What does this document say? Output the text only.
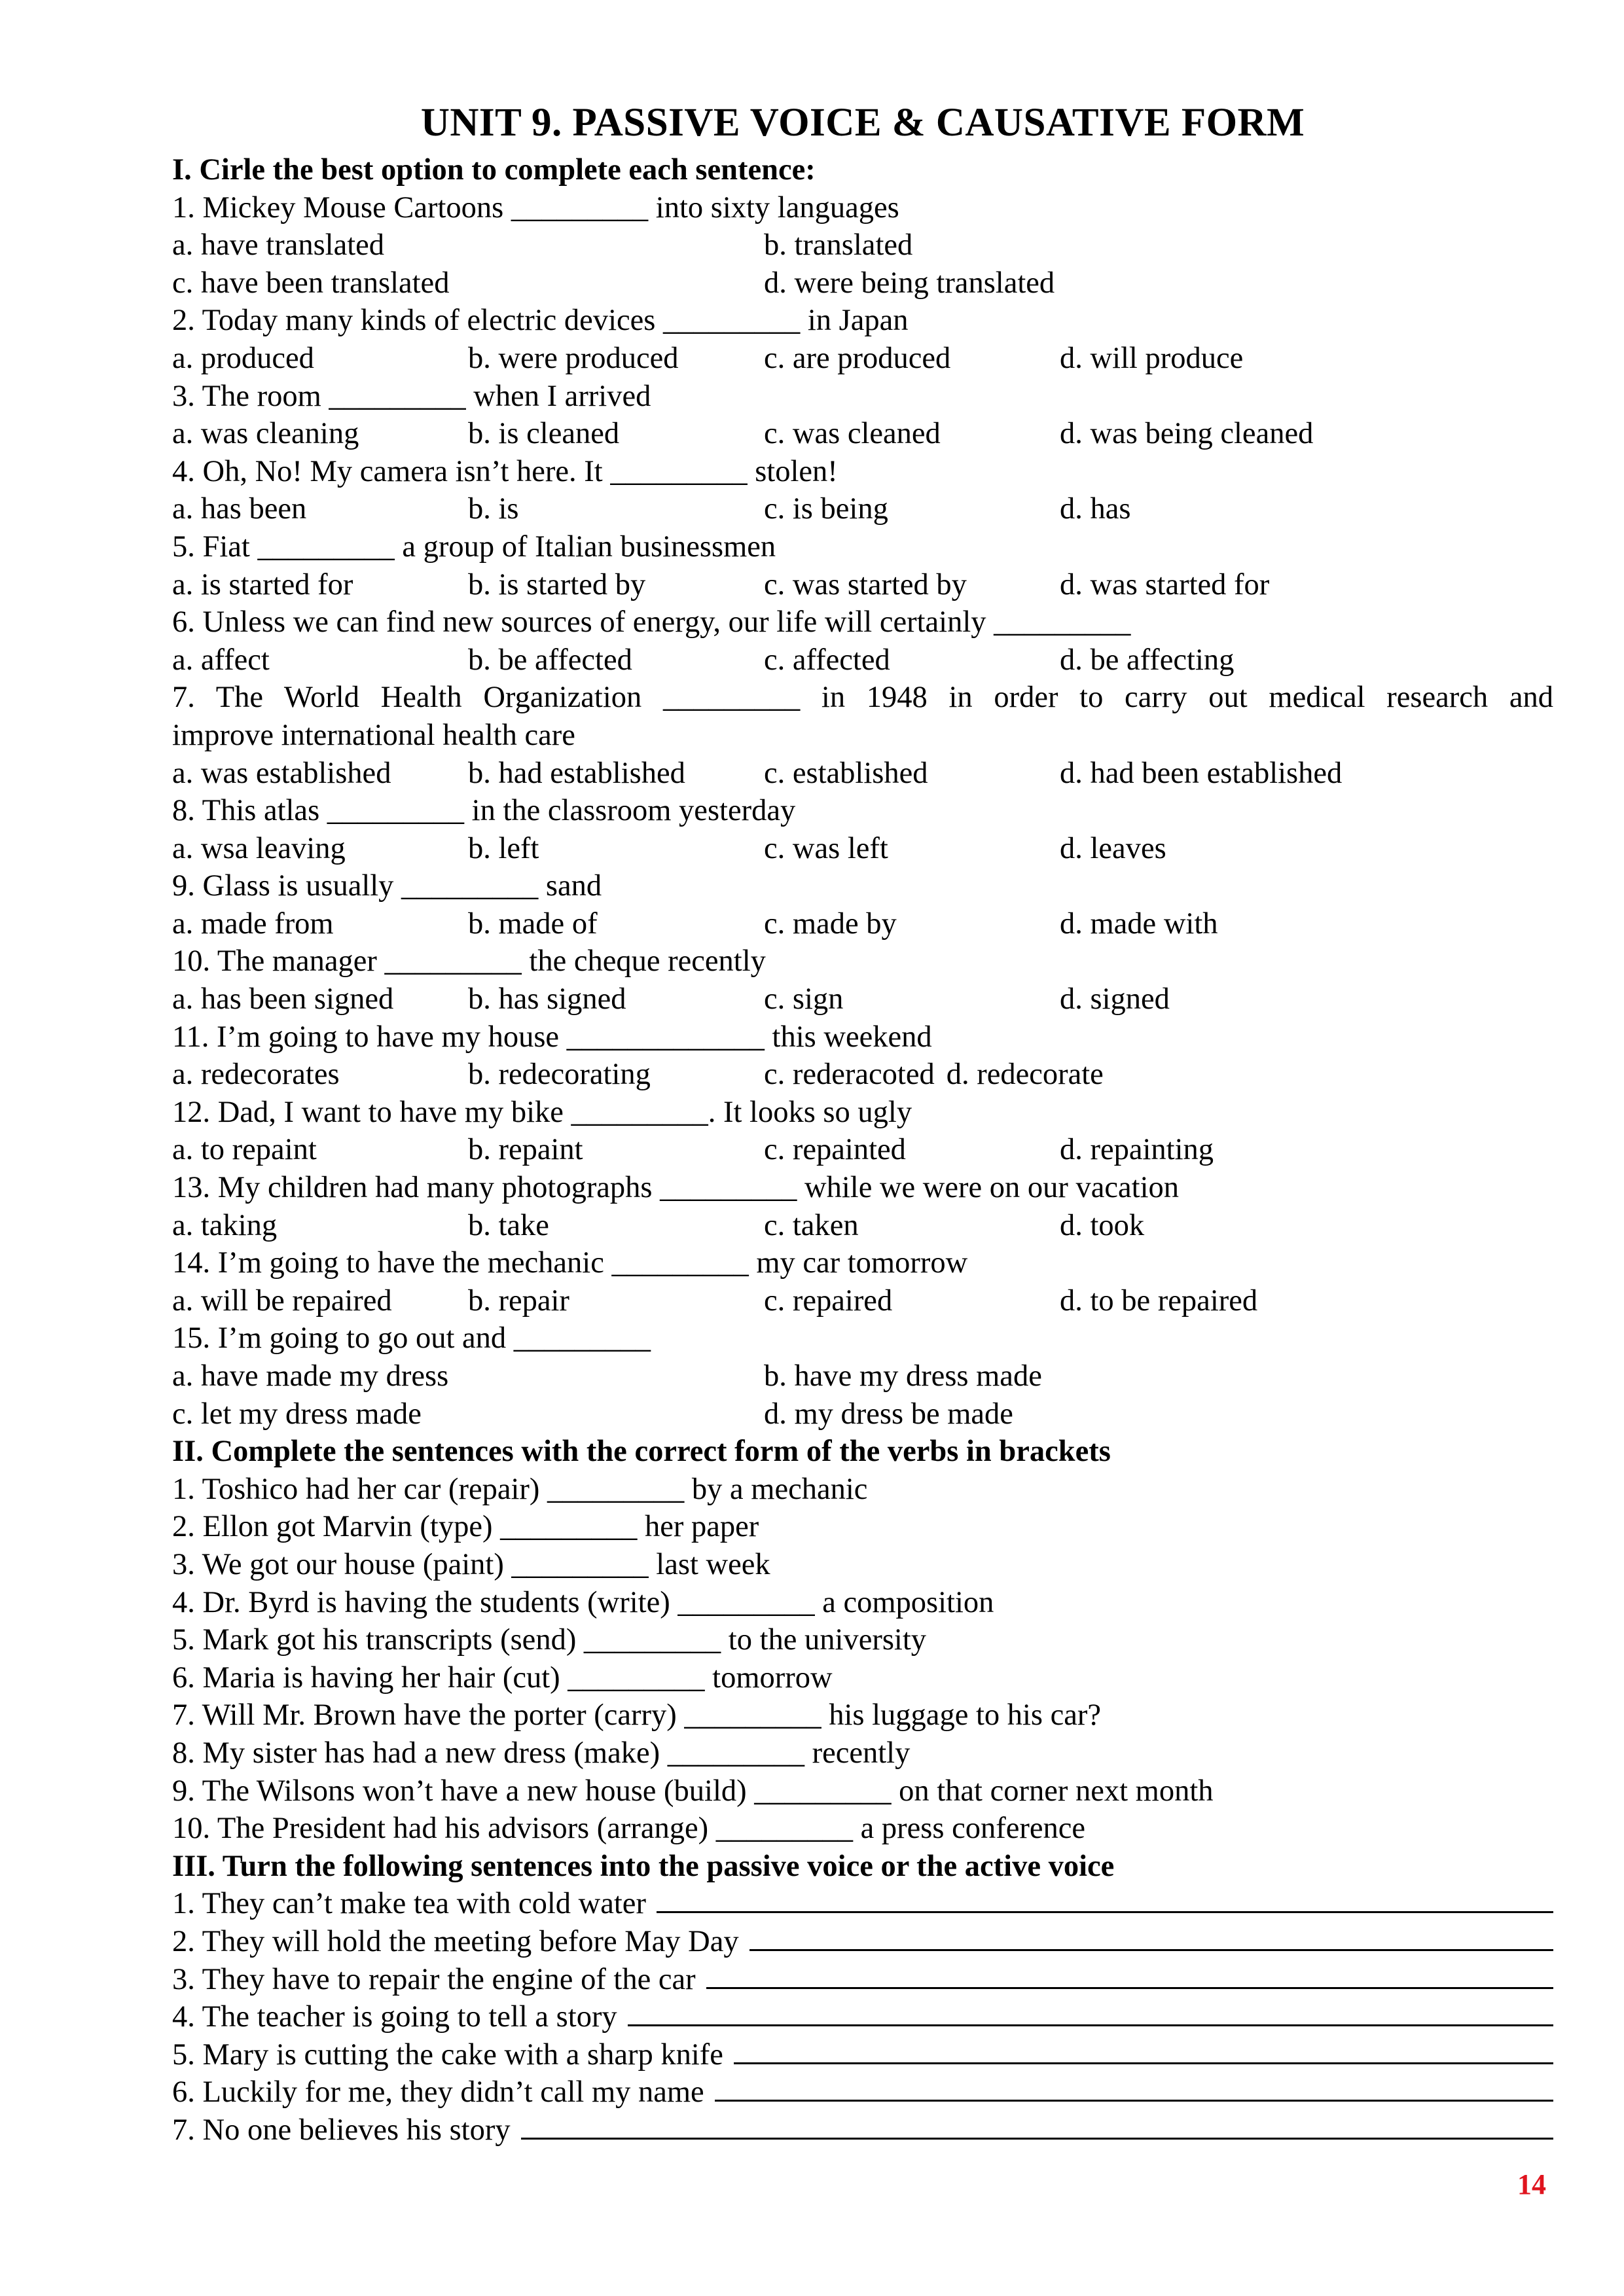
UNIT 9. PASSIVE VOICE & CAUSATIVE FORM
I. Cirle the best option to complete each sentence:
1. Mickey Mouse Cartoons _________ into sixty languages
a. have translated	b. translated
c. have been translated	d. were being translated
2. Today many kinds of electric devices _________ in Japan
a. produced	b. were produced	c. are produced	d. will produce
3. The room _________ when I arrived
a. was cleaning	b. is cleaned	c. was cleaned	d. was being cleaned
4. Oh, No! My camera isn’t here. It _________ stolen!
a. has been	b. is	c. is being	d. has
5. Fiat _________ a group of Italian businessmen
a. is started for	b. is started by	c. was started by	d. was started for
6. Unless we can find new sources of energy, our life will certainly _________
a. affect	b. be affected	c. affected	d. be affecting
7. The World Health Organization _________ in 1948 in order to carry out medical research and
improve international health care
a. was established	b. had established	c. established	d. had been established
8. This atlas _________ in the classroom yesterday
a. wsa leaving	b. left	c. was left	d. leaves
9. Glass is usually _________ sand
a. made from	b. made of	c. made by	d. made with
10. The manager _________ the cheque recently
a. has been signed b. has signed	c. sign	d. signed
11. I’m going to have my house _____________ this weekend
a. redecorates	b. redecorating	c. rederacoted d. redecorate
12. Dad, I want to have my bike _________. It looks so ugly
a. to repaint	b. repaint	c. repainted	d. repainting
13. My children had many photographs _________ while we were on our vacation
a. taking	b. take	c. taken	d. took
14. I’m going to have the mechanic _________ my car tomorrow
a. will be repaired	b. repair	c. repaired	d. to be repaired
15. I’m going to go out and _________
a. have made my dress	b. have my dress made
c. let my dress made	d. my dress be made
II. Complete the sentences with the correct form of the verbs in brackets
1. Toshico had her car (repair) _________ by a mechanic
2. Ellon got Marvin (type) _________ her paper
3. We got our house (paint) _________ last week
4. Dr. Byrd is having the students (write) _________ a composition
5. Mark got his transcripts (send) _________ to the university
6. Maria is having her hair (cut) _________ tomorrow
7. Will Mr. Brown have the porter (carry) _________ his luggage to his car?
8. My sister has had a new dress (make) _________ recently
9. The Wilsons won’t have a new house (build) _________ on that corner next month
10. The President had his advisors (arrange) _________ a press conference
III. Turn the following sentences into the passive voice or the active voice
1. They can’t make tea with cold water
2. They will hold the meeting before May Day
3. They have to repair the engine of the car
4. The teacher is going to tell a story
5. Mary is cutting the cake with a sharp knife
6. Luckily for me, they didn’t call my name
7. No one believes his story
14
